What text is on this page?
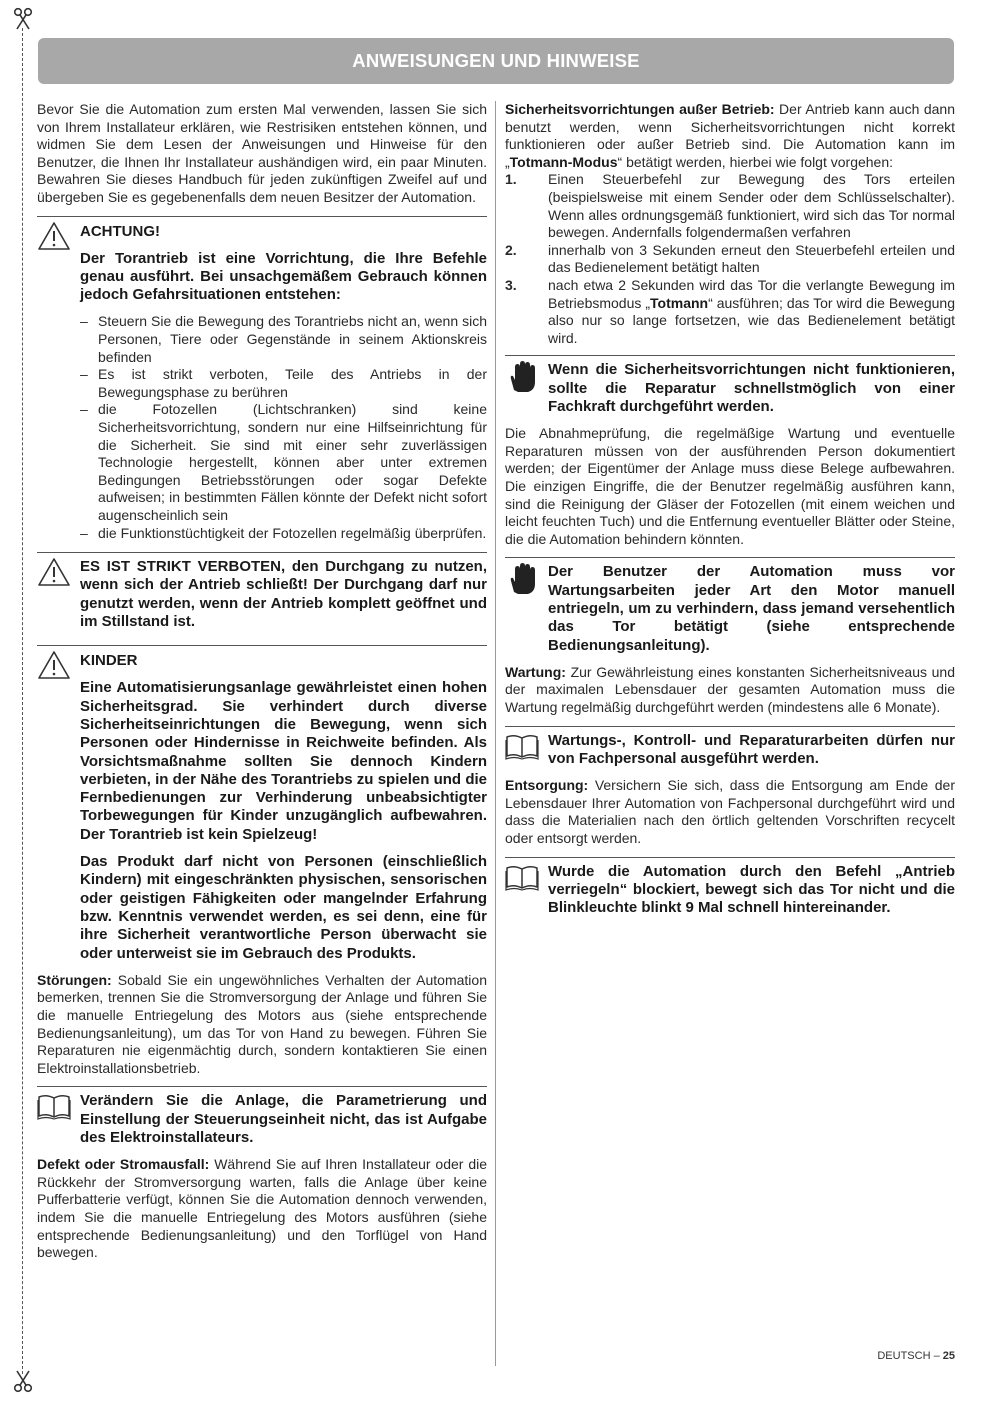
ANWEISUNGEN UND HINWEISE

Bevor Sie die Automation zum ersten Mal verwenden, lassen Sie sich von Ihrem Installateur erklären, wie Restrisiken entstehen können, und widmen Sie dem Lesen der Anweisungen und Hinweise für den Benutzer, die Ihnen Ihr Installateur aushändigen wird, ein paar Minuten. Bewahren Sie dieses Handbuch für jeden zukünftigen Zweifel auf und übergeben Sie es gegebenenfalls dem neuen Besitzer der Automation.

ACHTUNG!
Der Torantrieb ist eine Vorrichtung, die Ihre Befehle genau ausführt. Bei unsachgemäßem Gebrauch können jedoch Gefahrsituationen entstehen:
– Steuern Sie die Bewegung des Torantriebs nicht an, wenn sich Personen, Tiere oder Gegenstände in seinem Aktionskreis befinden
– Es ist strikt verboten, Teile des Antriebs in der Bewegungsphase zu berühren
– die Fotozellen (Lichtschranken) sind keine Sicherheitsvorrichtung, sondern nur eine Hilfseinrichtung für die Sicherheit. Sie sind mit einer sehr zuverlässigen Technologie hergestellt, können aber unter extremen Bedingungen Betriebsstörungen oder sogar Defekte aufweisen; in bestimmten Fällen könnte der Defekt nicht sofort augenscheinlich sein
– die Funktionstüchtigkeit der Fotozellen regelmäßig überprüfen.
ES IST STRIKT VERBOTEN, den Durchgang zu nutzen, wenn sich der Antrieb schließt! Der Durchgang darf nur genutzt werden, wenn der Antrieb komplett geöffnet und im Stillstand ist.
KINDER
Eine Automatisierungsanlage gewährleistet einen hohen Sicherheitsgrad. Sie verhindert durch diverse Sicherheitseinrichtungen die Bewegung, wenn sich Personen oder Hindernisse in Reichweite befinden. Als Vorsichtsmaßnahme sollten Sie dennoch Kindern verbieten, in der Nähe des Torantriebs zu spielen und die Fernbedienungen zur Verhinderung unbeabsichtigter Torbewegungen für Kinder unzugänglich aufbewahren. Der Torantrieb ist kein Spielzeug!
Das Produkt darf nicht von Personen (einschließlich Kindern) mit eingeschränkten physischen, sensorischen oder geistigen Fähigkeiten oder mangelnder Erfahrung bzw. Kenntnis verwendet werden, es sei denn, eine für ihre Sicherheit verantwortliche Person überwacht sie oder unterweist sie im Gebrauch des Produkts.

Störungen: Sobald Sie ein ungewöhnliches Verhalten der Automation bemerken, trennen Sie die Stromversorgung der Anlage und führen Sie die manuelle Entriegelung des Motors aus (siehe entsprechende Bedienungsanleitung), um das Tor von Hand zu bewegen. Führen Sie Reparaturen nie eigenmächtig durch, sondern kontaktieren Sie einen Elektroinstallationsbetrieb.

Verändern Sie die Anlage, die Parametrierung und Einstellung der Steuerungseinheit nicht, das ist Aufgabe des Elektroinstallateurs.

Defekt oder Stromausfall: Während Sie auf Ihren Installateur oder die Rückkehr der Stromversorgung warten, falls die Anlage über keine Pufferbatterie verfügt, können Sie die Automation dennoch verwenden, indem Sie die manuelle Entriegelung des Motors ausführen (siehe entsprechende Bedienungsanleitung) und den Torflügel von Hand bewegen.

Sicherheitsvorrichtungen außer Betrieb: Der Antrieb kann auch dann benutzt werden, wenn Sicherheitsvorrichtungen nicht korrekt funktionieren oder außer Betrieb sind. Die Automation kann im „Totmann-Modus“ betätigt werden, hierbei wie folgt vorgehen:

1. Einen Steuerbefehl zur Bewegung des Tors erteilen (beispielsweise mit einem Sender oder dem Schlüsselschalter). Wenn alles ordnungsgemäß funktioniert, wird sich das Tor normal bewegen. Andernfalls folgendermaßen verfahren
2. innerhalb von 3 Sekunden erneut den Steuerbefehl erteilen und das Bedienelement betätigt halten
3. nach etwa 2 Sekunden wird das Tor die verlangte Bewegung im Betriebsmodus „Totmann“ ausführen; das Tor wird die Bewegung also nur so lange fortsetzen, wie das Bedienelement betätigt wird.
Wenn die Sicherheitsvorrichtungen nicht funktionieren, sollte die Reparatur schnellstmöglich von einer Fachkraft durchgeführt werden.

Die Abnahmeprüfung, die regelmäßige Wartung und eventuelle Reparaturen müssen von der ausführenden Person dokumentiert werden; der Eigentümer der Anlage muss diese Belege aufbewahren. Die einzigen Eingriffe, die der Benutzer regelmäßig ausführen kann, sind die Reinigung der Gläser der Fotozellen (mit einem weichen und leicht feuchten Tuch) und die Entfernung eventueller Blätter oder Steine, die die Automation behindern könnten.

Der Benutzer der Automation muss vor Wartungsarbeiten jeder Art den Motor manuell entriegeln, um zu verhindern, dass jemand versehentlich das Tor betätigt (siehe entsprechende Bedienungsanleitung).

Wartung: Zur Gewährleistung eines konstanten Sicherheitsniveaus und der maximalen Lebensdauer der gesamten Automation muss die Wartung regelmäßig durchgeführt werden (mindestens alle 6 Monate).

Wartungs-, Kontroll- und Reparaturarbeiten dürfen nur von Fachpersonal ausgeführt werden.

Entsorgung: Versichern Sie sich, dass die Entsorgung am Ende der Lebensdauer Ihrer Automation von Fachpersonal durchgeführt wird und dass die Materialien nach den örtlich geltenden Vorschriften recycelt oder entsorgt werden.

Wurde die Automation durch den Befehl „Antrieb verriegeln“ blockiert, bewegt sich das Tor nicht und die Blinkleuchte blinkt 9 Mal schnell hintereinander.
DEUTSCH – 25
